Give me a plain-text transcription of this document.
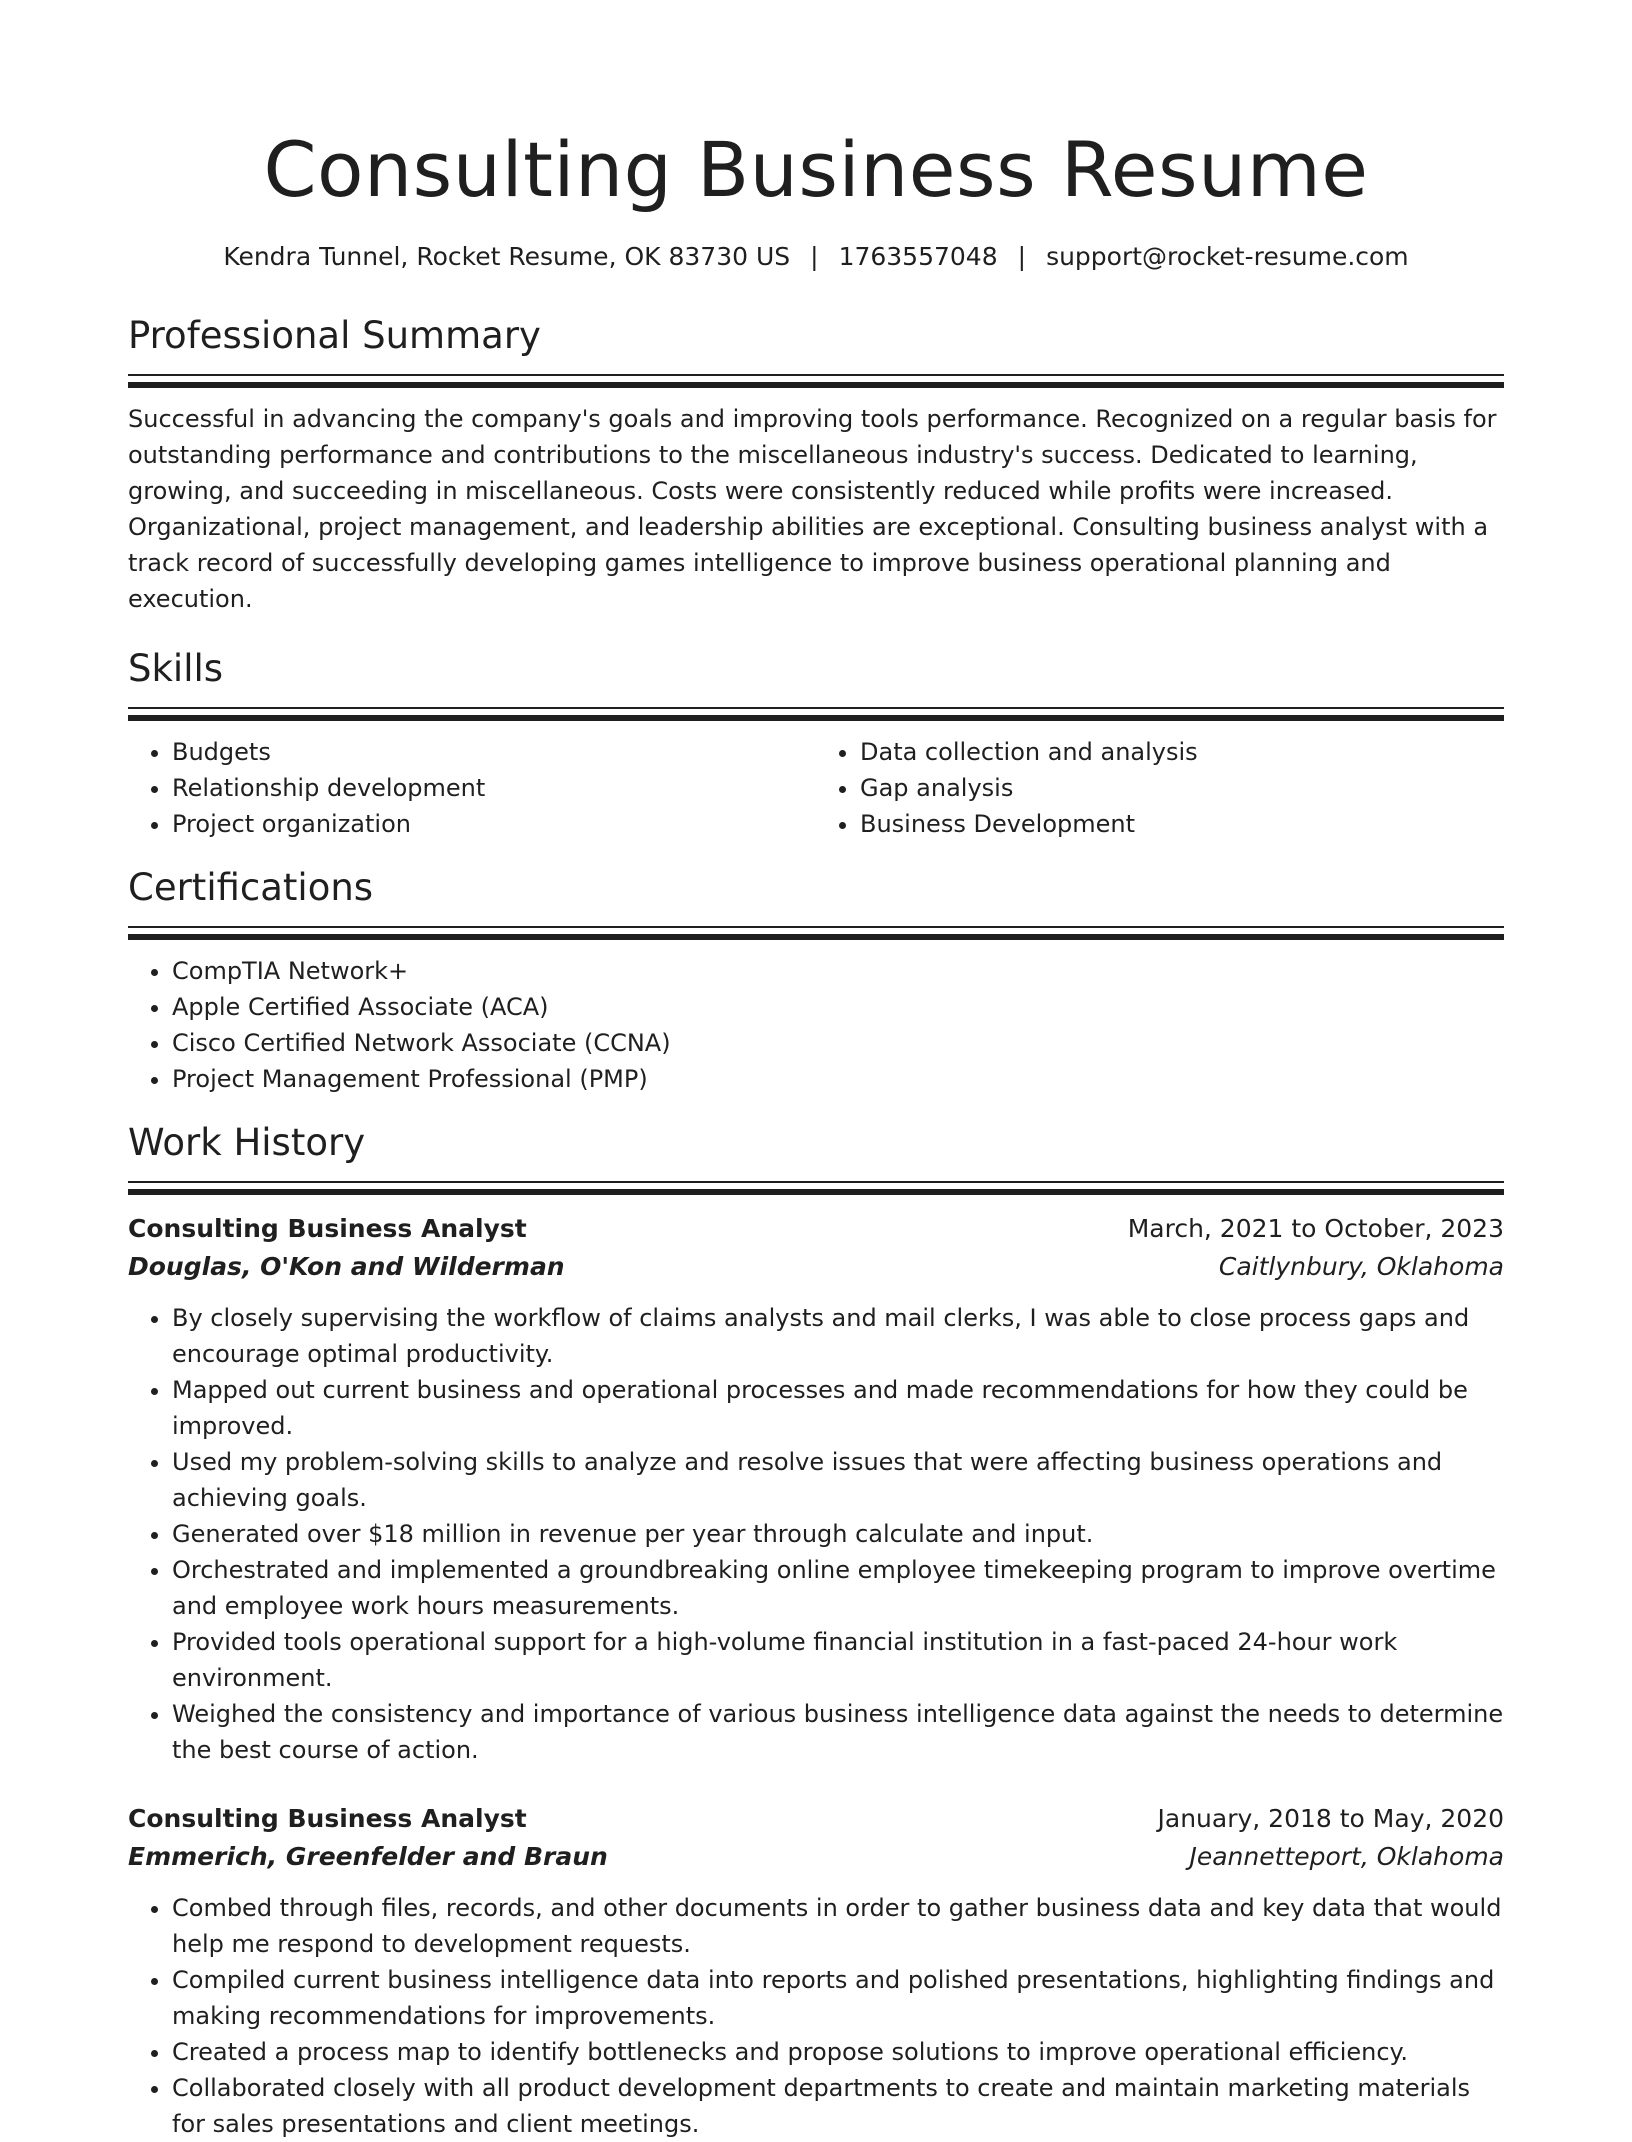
Consulting Business Resume
Kendra Tunnel, Rocket Resume, OK 83730 US | 1763557048 | support@rocket-resume.com
Professional Summary

Successful in advancing the company's goals and improving tools performance. Recognized on a regular basis for outstanding performance and contributions to the miscellaneous industry's success. Dedicated to learning, growing, and succeeding in miscellaneous. Costs were consistently reduced while profits were increased. Organizational, project management, and leadership abilities are exceptional. Consulting business analyst with a track record of successfully developing games intelligence to improve business operational planning and execution.

Skills
• Budgets
• Relationship development
• Project organization
• Data collection and analysis
• Gap analysis
• Business Development
Certifications
• CompTIA Network+
• Apple Certified Associate (ACA)
• Cisco Certified Network Associate (CCNA)
• Project Management Professional (PMP)
Work History
Consulting Business Analyst	March, 2021 to October, 2023
Douglas, O'Kon and Wilderman	Caitlynbury, Oklahoma
• By closely supervising the workflow of claims analysts and mail clerks, I was able to close process gaps and encourage optimal productivity.
• Mapped out current business and operational processes and made recommendations for how they could be improved.
• Used my problem-solving skills to analyze and resolve issues that were affecting business operations and achieving goals.
• Generated over $18 million in revenue per year through calculate and input.
• Orchestrated and implemented a groundbreaking online employee timekeeping program to improve overtime and employee work hours measurements.
• Provided tools operational support for a high-volume financial institution in a fast-paced 24-hour work environment.
• Weighed the consistency and importance of various business intelligence data against the needs to determine the best course of action.
Consulting Business Analyst	January, 2018 to May, 2020
Emmerich, Greenfelder and Braun	Jeannetteport, Oklahoma
• Combed through files, records, and other documents in order to gather business data and key data that would help me respond to development requests.
• Compiled current business intelligence data into reports and polished presentations, highlighting findings and making recommendations for improvements.
• Created a process map to identify bottlenecks and propose solutions to improve operational efficiency.
• Collaborated closely with all product development departments to create and maintain marketing materials for sales presentations and client meetings.
